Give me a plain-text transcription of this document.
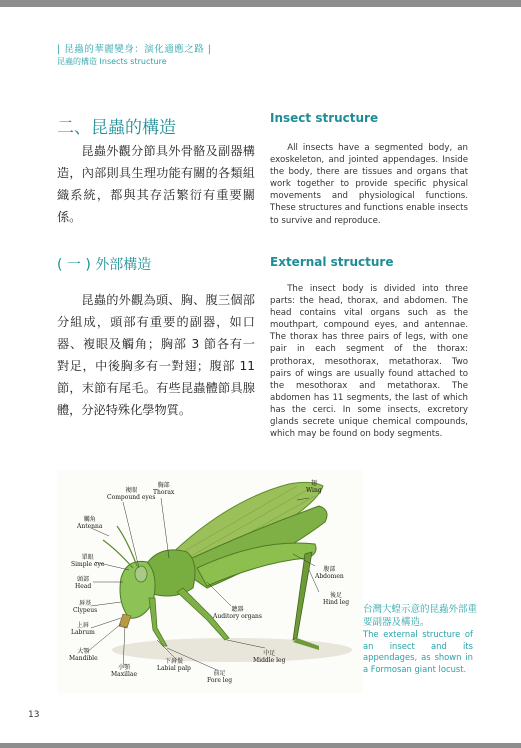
| 昆蟲的華麗變身：演化適應之路 |
昆蟲的構造 Insects structure
二、昆蟲的構造
昆蟲外觀分節具外骨骼及副器構造，內部則具生理功能有關的各類組織系統，都與其存活繁衍有重要關係。
( 一 ) 外部構造
昆蟲的外觀為頭、胸、腹三個部分組成，頭部有重要的副器，如口器、複眼及觸角；胸部 3 節各有一對足，中後胸多有一對翅；腹部 11 節，末節有尾毛。有些昆蟲體節具腺體，分泌特殊化學物質。
Insect structure
All insects have a segmented body, an exoskeleton, and jointed appendages. Inside the body, there are tissues and organs that work together to provide specific physical movements and physiological functions. These structures and functions enable insects to survive and reproduce.
External structure
The insect body is divided into three parts: the head, thorax, and abdomen. The head contains vital organs such as the mouthpart, compound eyes, and antennae. The thorax has three pairs of legs, with one pair in each segment of the thorax: prothorax, mesothorax, metathorax. Two pairs of wings are usually found attached to the mesothorax and metathorax. The abdomen has 11 segments, the last of which has the cerci. In some insects, excretory glands secrete unique chemical compounds, which may be found on body segments.
複眼
Compound eyes
胸部
Thorax
翅
Wing
觸角
Antenna
單眼
Simple eye
頭部
Head
唇基
Clypeus
上唇
Labrum
大顎
Mandible
小顎
Maxillae
下唇鬚
Labial palp
前足
Fore leg
中足
Middle leg
聽器
Auditory organs
腹部
Abdomen
後足
Hind leg
台灣大蝗示意的昆蟲外部重要副器及構造。
The external structure of an insect and its appendages, as shown in a Formosan giant locust.
13
